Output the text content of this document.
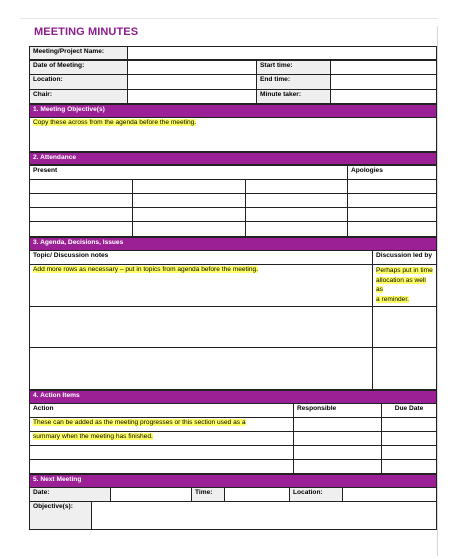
MEETING MINUTES
Meeting/Project Name:
Date of Meeting:	Start time:
Location:	End time:
Chair:	Minute taker:
1. Meeting Objective(s)
Copy these across from the agenda before the meeting.
2. Attendance
Present	Apologies
3. Agenda, Decisions, Issues
Topic/ Discussion notes	Discussion led by
Add more rows as necessary – put in topics from agenda before the meeting.	Perhaps put in time
allocation as well as
a reminder.
4. Action Items
Action	Responsible	Due Date
These can be added as the meeting progresses or this section used as a
summary when the meeting has finished.
5. Next Meeting
Date:	Time:	Location:
Objective(s):
